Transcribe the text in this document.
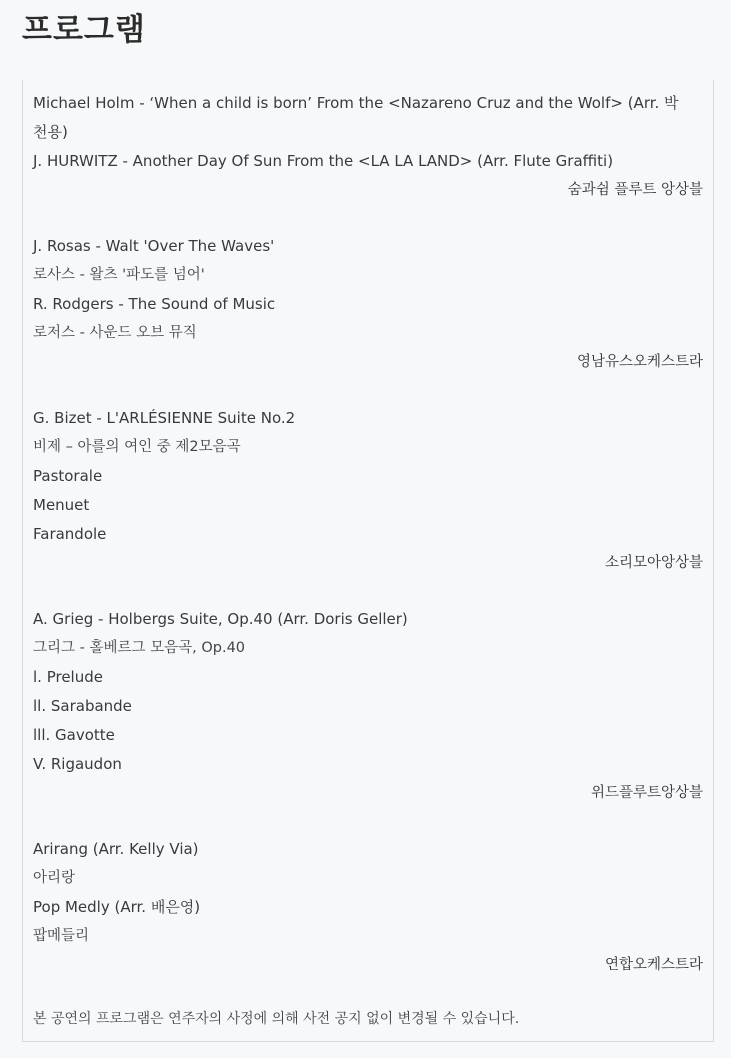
프로그램
Michael Holm - ‘When a child is born’ From the <Nazareno Cruz and the Wolf> (Arr. 박천용)
J. HURWITZ - Another Day Of Sun From the <LA LA LAND> (Arr. Flute Graffiti)
숨과쉼 플루트 앙상블
J. Rosas - Walt 'Over The Waves'
로사스 - 왈츠 '파도를 넘어'
R. Rodgers - The Sound of Music
로저스 - 사운드 오브 뮤직
영남유스오케스트라
G. Bizet - L'ARLÉSIENNE Suite No.2
비제 – 아를의 여인 중 제2모음곡
Pastorale
Menuet
Farandole
소리모아앙상블
A. Grieg - Holbergs Suite, Op.40 (Arr. Doris Geller)
그리그 - 홀베르그 모음곡, Op.40
l. Prelude
ll. Sarabande
lll. Gavotte
V. Rigaudon
위드플루트앙상블
Arirang (Arr. Kelly Via)
아리랑
Pop Medly (Arr. 배은영)
팝메들리
연합오케스트라
본 공연의 프로그램은 연주자의 사정에 의해 사전 공지 없이 변경될 수 있습니다.
